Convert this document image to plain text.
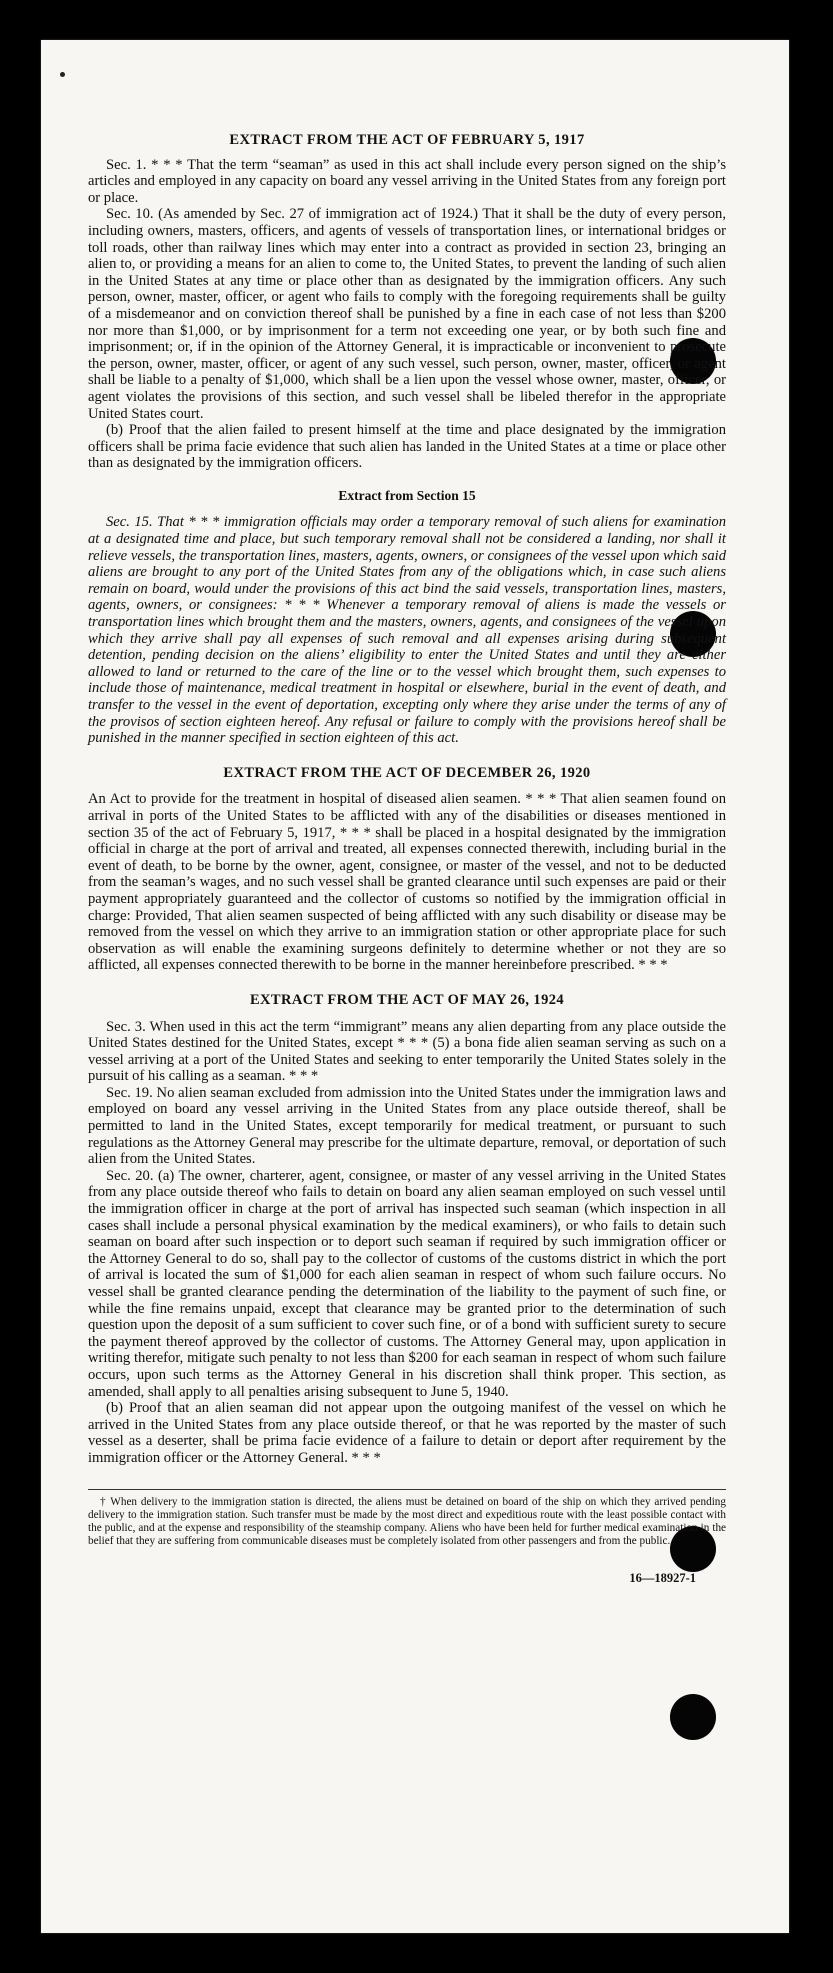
EXTRACT FROM THE ACT OF FEBRUARY 5, 1917

Sec. 1. * * * That the term “seaman” as used in this act shall include every person signed on the ship’s articles and employed in any capacity on board any vessel arriving in the United States from any foreign port or place.

Sec. 10. (As amended by Sec. 27 of immigration act of 1924.) That it shall be the duty of every person, including owners, masters, officers, and agents of vessels of transportation lines, or international bridges or toll roads, other than railway lines which may enter into a contract as provided in section 23, bringing an alien to, or providing a means for an alien to come to, the United States, to prevent the landing of such alien in the United States at any time or place other than as designated by the immigration officers. Any such person, owner, master, officer, or agent who fails to comply with the foregoing requirements shall be guilty of a misdemeanor and on conviction thereof shall be punished by a fine in each case of not less than $200 nor more than $1,000, or by imprisonment for a term not exceeding one year, or by both such fine and imprisonment; or, if in the opinion of the Attorney General, it is impracticable or inconvenient to prosecute the person, owner, master, officer, or agent of any such vessel, such person, owner, master, officer, or agent shall be liable to a penalty of $1,000, which shall be a lien upon the vessel whose owner, master, officer, or agent violates the provisions of this section, and such vessel shall be libeled therefor in the appropriate United States court.

(b) Proof that the alien failed to present himself at the time and place designated by the immigration officers shall be prima facie evidence that such alien has landed in the United States at a time or place other than as designated by the immigration officers.

Extract from Section 15

Sec. 15. That * * * immigration officials may order a temporary removal of such aliens for examination at a designated time and place, but such temporary removal shall not be considered a landing, nor shall it relieve vessels, the transportation lines, masters, agents, owners, or consignees of the vessel upon which said aliens are brought to any port of the United States from any of the obligations which, in case such aliens remain on board, would under the provisions of this act bind the said vessels, transportation lines, masters, agents, owners, or consignees: * * * Whenever a temporary removal of aliens is made the vessels or transportation lines which brought them and the masters, owners, agents, and consignees of the vessel upon which they arrive shall pay all expenses of such removal and all expenses arising during subsequent detention, pending decision on the aliens’ eligibility to enter the United States and until they are either allowed to land or returned to the care of the line or to the vessel which brought them, such expenses to include those of maintenance, medical treatment in hospital or elsewhere, burial in the event of death, and transfer to the vessel in the event of deportation, excepting only where they arise under the terms of any of the provisos of section eighteen hereof. Any refusal or failure to comply with the provisions hereof shall be punished in the manner specified in section eighteen of this act.

EXTRACT FROM THE ACT OF DECEMBER 26, 1920

An Act to provide for the treatment in hospital of diseased alien seamen. * * * That alien seamen found on arrival in ports of the United States to be afflicted with any of the disabilities or diseases mentioned in section 35 of the act of February 5, 1917, * * * shall be placed in a hospital designated by the immigration official in charge at the port of arrival and treated, all expenses connected therewith, including burial in the event of death, to be borne by the owner, agent, consignee, or master of the vessel, and not to be deducted from the seaman’s wages, and no such vessel shall be granted clearance until such expenses are paid or their payment appropriately guaranteed and the collector of customs so notified by the immigration official in charge: Provided, That alien seamen suspected of being afflicted with any such disability or disease may be removed from the vessel on which they arrive to an immigration station or other appropriate place for such observation as will enable the examining surgeons definitely to determine whether or not they are so afflicted, all expenses connected therewith to be borne in the manner hereinbefore prescribed. * * *

EXTRACT FROM THE ACT OF MAY 26, 1924

Sec. 3. When used in this act the term “immigrant” means any alien departing from any place outside the United States destined for the United States, except * * * (5) a bona fide alien seaman serving as such on a vessel arriving at a port of the United States and seeking to enter temporarily the United States solely in the pursuit of his calling as a seaman. * * *

Sec. 19. No alien seaman excluded from admission into the United States under the immigration laws and employed on board any vessel arriving in the United States from any place outside thereof, shall be permitted to land in the United States, except temporarily for medical treatment, or pursuant to such regulations as the Attorney General may prescribe for the ultimate departure, removal, or deportation of such alien from the United States.

Sec. 20. (a) The owner, charterer, agent, consignee, or master of any vessel arriving in the United States from any place outside thereof who fails to detain on board any alien seaman employed on such vessel until the immigration officer in charge at the port of arrival has inspected such seaman (which inspection in all cases shall include a personal physical examination by the medical examiners), or who fails to detain such seaman on board after such inspection or to deport such seaman if required by such immigration officer or the Attorney General to do so, shall pay to the collector of customs of the customs district in which the port of arrival is located the sum of $1,000 for each alien seaman in respect of whom such failure occurs. No vessel shall be granted clearance pending the determination of the liability to the payment of such fine, or while the fine remains unpaid, except that clearance may be granted prior to the determination of such question upon the deposit of a sum sufficient to cover such fine, or of a bond with sufficient surety to secure the payment thereof approved by the collector of customs. The Attorney General may, upon application in writing therefor, mitigate such penalty to not less than $200 for each seaman in respect of whom such failure occurs, upon such terms as the Attorney General in his discretion shall think proper. This section, as amended, shall apply to all penalties arising subsequent to June 5, 1940.

(b) Proof that an alien seaman did not appear upon the outgoing manifest of the vessel on which he arrived in the United States from any place outside thereof, or that he was reported by the master of such vessel as a deserter, shall be prima facie evidence of a failure to detain or deport after requirement by the immigration officer or the Attorney General. * * *

† When delivery to the immigration station is directed, the aliens must be detained on board of the ship on which they arrived pending delivery to the immigration station. Such transfer must be made by the most direct and expeditious route with the least possible contact with the public, and at the expense and responsibility of the steamship company. Aliens who have been held for further medical examination in the belief that they are suffering from communicable diseases must be completely isolated from other passengers and from the public.

16—18927-1
